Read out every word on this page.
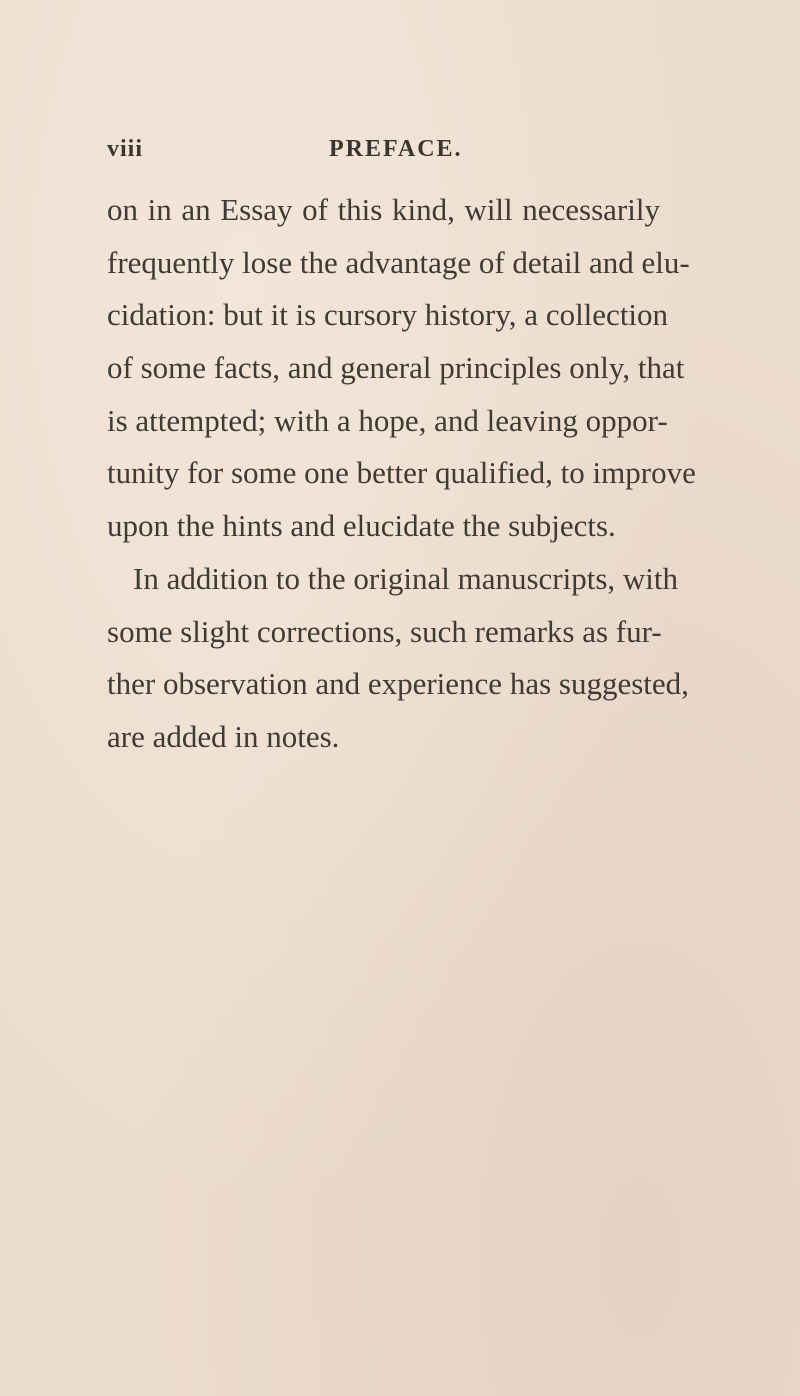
viii	PREFACE.
on in an Essay of this kind, will necessarily
frequently lose the advantage of detail and elu-
cidation: but it is cursory history, a collection
of some facts, and general principles only, that
is attempted; with a hope, and leaving oppor-
tunity for some one better qualified, to improve
upon the hints and elucidate the subjects.
In addition to the original manuscripts, with
some slight corrections, such remarks as fur-
ther observation and experience has suggested,
are added in notes.
